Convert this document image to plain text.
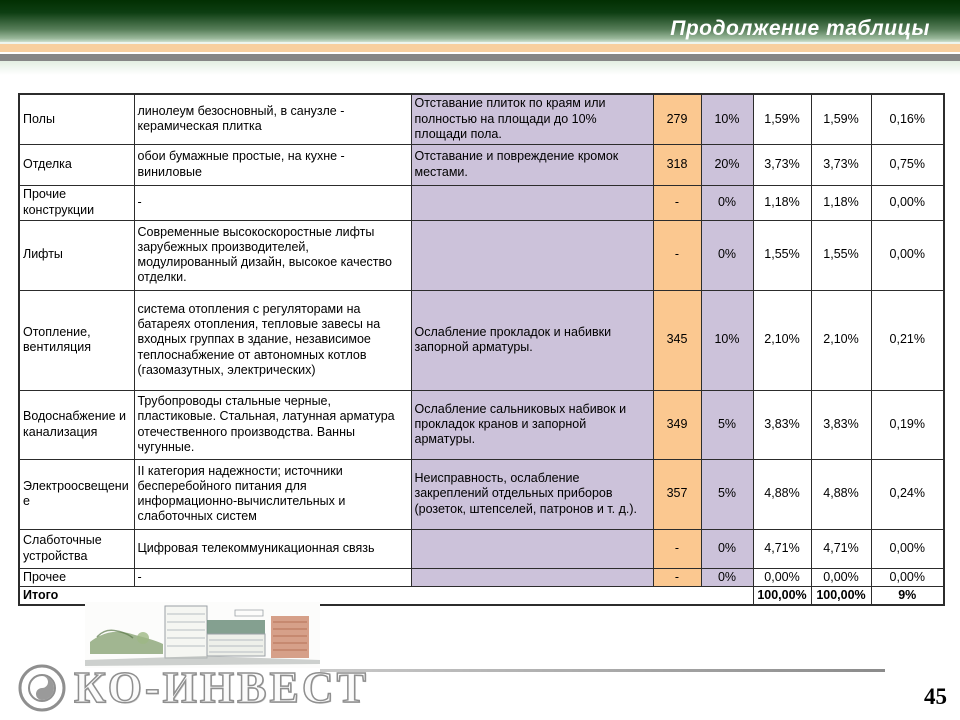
Продолжение таблицы
Полы	линолеум безосновный, в санузле - керамическая плитка	Отставание плиток по краям или полностью на площади до 10% площади пола.	279	10%	1,59%	1,59%	0,16%
Отделка	обои бумажные простые, на кухне - виниловые	Отставание и повреждение кромок местами.	318	20%	3,73%	3,73%	0,75%
Прочие конструкции	-		-	0%	1,18%	1,18%	0,00%
Лифты	Современные высокоскоростные лифты зарубежных производителей, модулированный дизайн, высокое качество отделки.		-	0%	1,55%	1,55%	0,00%
Отопление, вентиляция	система отопления с регуляторами на батареях отопления, тепловые завесы на входных группах в здание, независимое теплоснабжение от автономных котлов (газомазутных, электрических)	Ослабление прокладок и набивки запорной арматуры.	345	10%	2,10%	2,10%	0,21%
Водоснабжение и канализация	Трубопроводы стальные черные, пластиковые. Стальная, латунная арматура отечественного производства. Ванны чугунные.	Ослабление сальниковых набивок и прокладок кранов и запорной арматуры.	349	5%	3,83%	3,83%	0,19%
Электроосвещение	II категория надежности; источники бесперебойного питания для информационно-вычислительных и слаботочных систем	Неисправность, ослабление закреплений отдельных приборов (розеток, штепселей, патронов и т. д.).	357	5%	4,88%	4,88%	0,24%
Слаботочные устройства	Цифровая телекоммуникационная связь		-	0%	4,71%	4,71%	0,00%
Прочее	-		-	0%	0,00%	0,00%	0,00%
Итого					100,00%	100,00%	9%
КО-ИНВЕСТ	45
